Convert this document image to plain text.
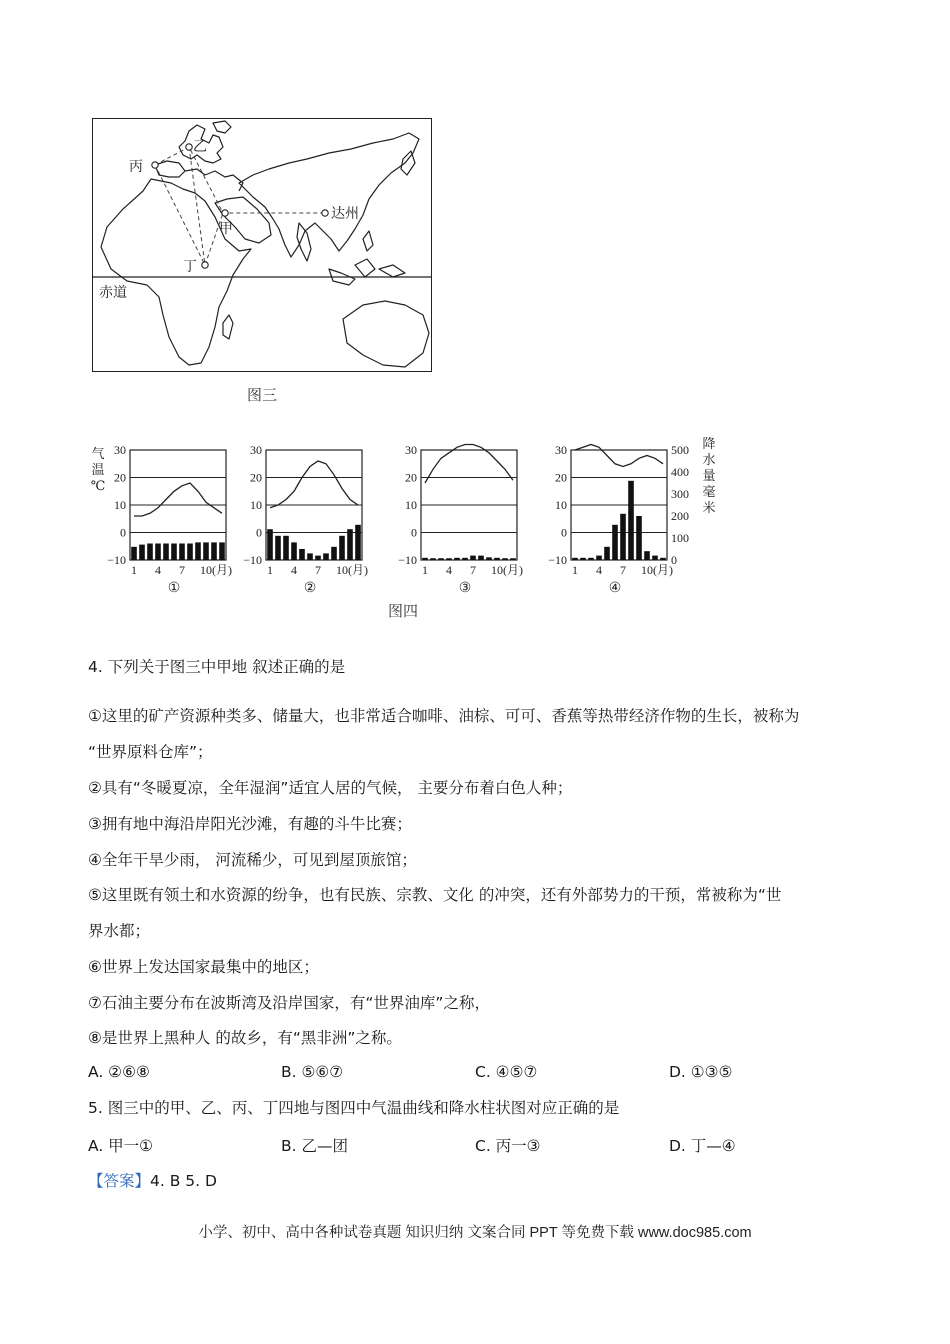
乙
丙
甲
达州
丁
赤道
图三
30
20
10
0
−10
1 4 7 10(月)
①
30
20
10
0
−10
1 4 7 10(月)
②
30
20
10
0
−10
1 4 7 10(月)
③
30
20
10
0
−10
1 4 7 10(月)
④
气
温
℃
500
400
300
200
100
0
降
水
量
毫
米
图四
4. 下列关于图三中甲地 叙述正确的是
①这里的矿产资源种类多、储量大，也非常适合咖啡、油棕、可可、香蕉等热带经济作物的生长，被称为
“世界原料仓库”；
②具有“冬暖夏凉，全年湿润”适宜人居的气候， 主要分布着白色人种；
③拥有地中海沿岸阳光沙滩，有趣的斗牛比赛；
④全年干旱少雨， 河流稀少，可见到屋顶旅馆；
⑤这里既有领土和水资源的纷争，也有民族、宗教、文化 的冲突，还有外部势力的干预，常被称为“世
界水都；
⑥世界上发达国家最集中的地区；
⑦石油主要分布在波斯湾及沿岸国家，有“世界油库”之称，
⑧是世界上黑种人 的故乡，有“黑非洲”之称。
A. ②⑥⑧	B. ⑤⑥⑦	C. ④⑤⑦	D. ①③⑤
5. 图三中的甲、乙、丙、丁四地与图四中气温曲线和降水柱状图对应正确的是
A. 甲一①	B. 乙—团	C. 丙一③	D. 丁—④
【答案】4. B 5. D
小学、初中、高中各种试卷真题 知识归纳 文案合同 PPT 等免费下载 www.doc985.com
